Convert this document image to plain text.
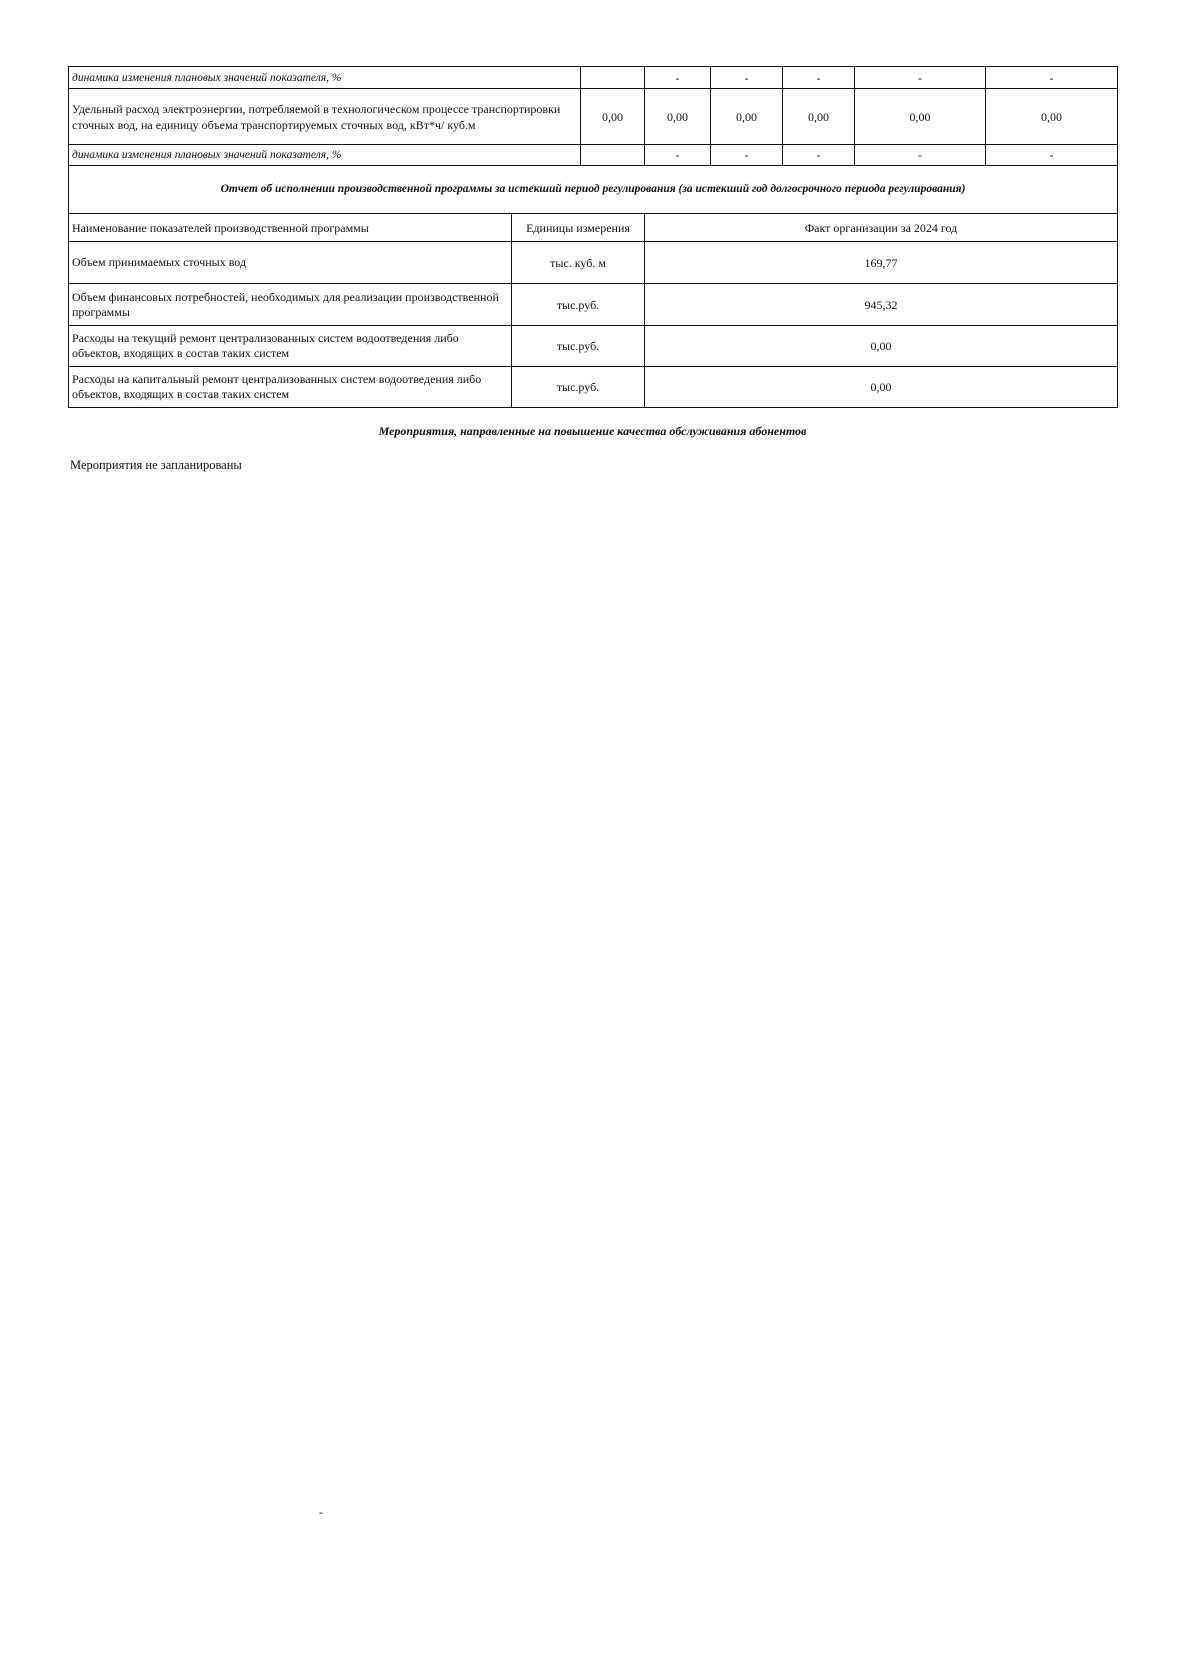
динамика изменения плановых значений показателя, %		-	-	-	-	-
Удельный расход электроэнергии, потребляемой в технологическом процессе транспортировки сточных вод, на единицу объема транспортируемых сточных вод, кВт*ч/ куб.м	0,00	0,00	0,00	0,00	0,00	0,00
динамика изменения плановых значений показателя, %		-	-	-	-	-
Отчет об исполнении производственной программы за истекший период регулирования (за истекший год долгосрочного периода регулирования)						
Наименование показателей производственной программы	Единицы измерения	Факт организации за 2024 год
Объем принимаемых сточных вод	тыс. куб. м	169,77
Объем финансовых потребностей, необходимых для реализации производственной программы	тыс.руб.	945,32
Расходы на текущий ремонт централизованных систем водоотведения либо объектов, входящих в состав таких систем	тыс.руб.	0,00
Расходы на капитальный ремонт централизованных систем водоотведения либо объектов, входящих в состав таких систем	тыс.руб.	0,00
Мероприятия, направленные на повышение качества обслуживания абонентов
Мероприятия не запланированы
-
